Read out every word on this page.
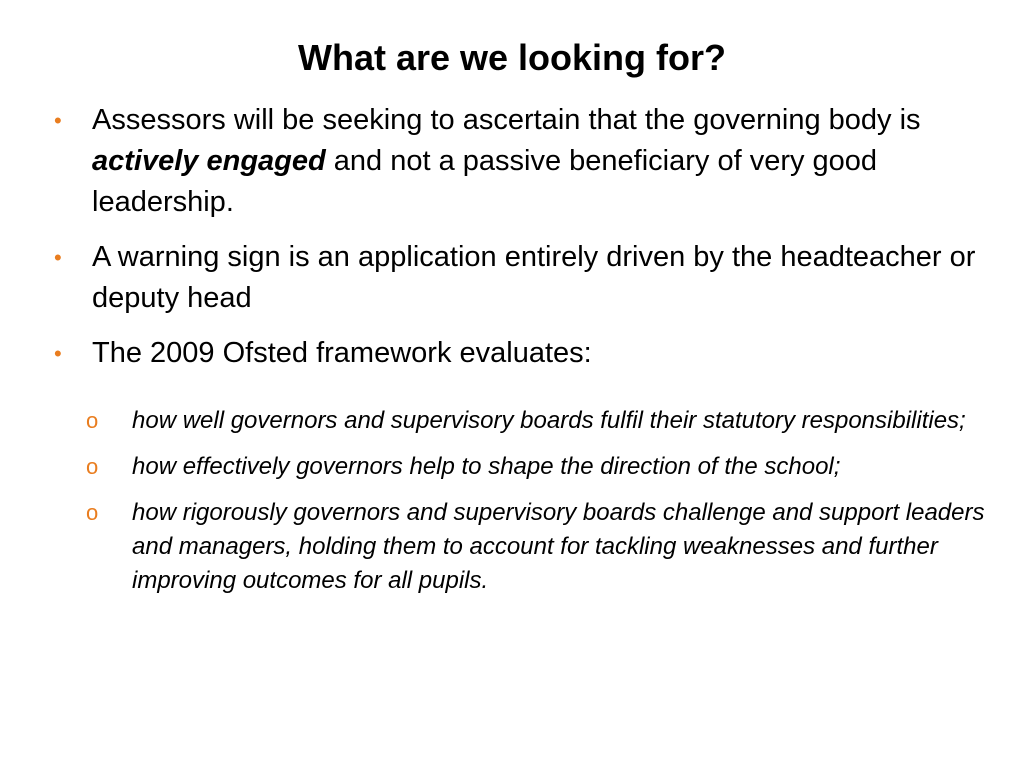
What are we looking for?
• Assessors will be seeking to ascertain that the governing body is actively engaged and not a passive beneficiary of very good leadership.
• A warning sign is an application entirely driven by the headteacher or deputy head
• The 2009 Ofsted framework evaluates:
o how well governors and supervisory boards fulfil their statutory responsibilities;
o how effectively governors help to shape the direction of the school;
o how rigorously governors and supervisory boards challenge and support leaders and managers, holding them to account for tackling weaknesses and further improving outcomes for all pupils.
